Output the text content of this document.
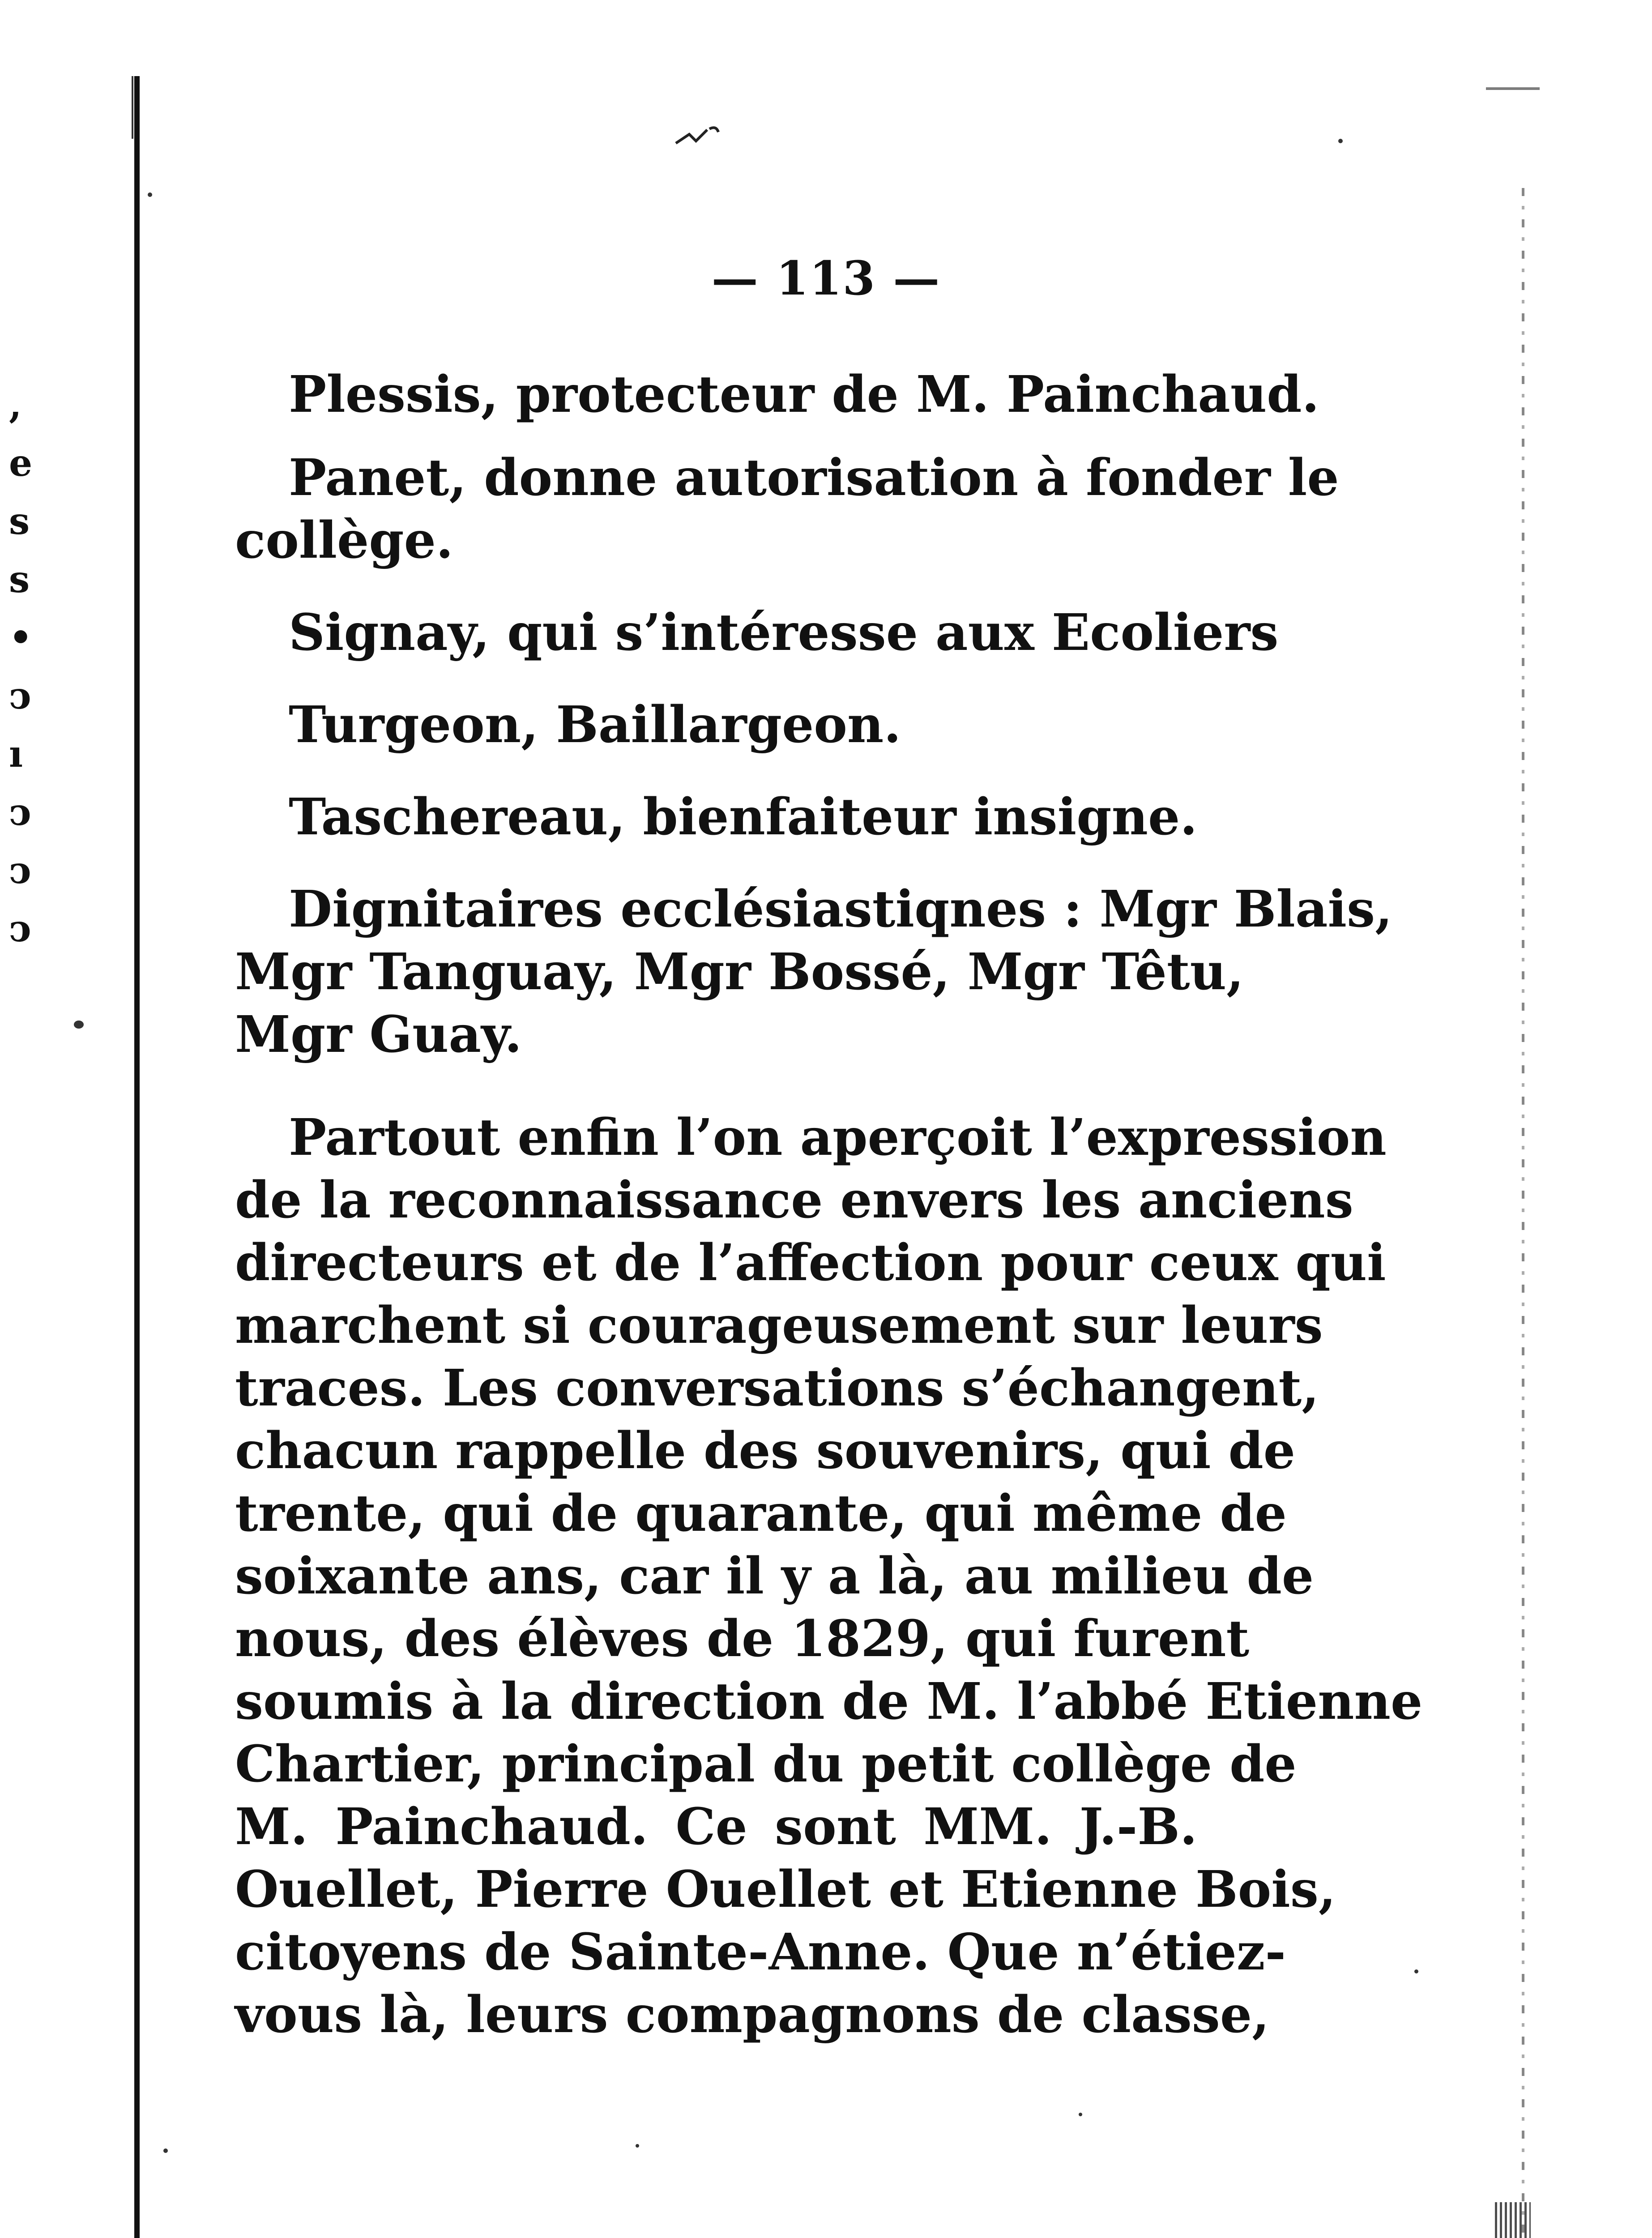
,
e
s
s
•
ͻ
ı
ͻ
ͻ
ͻ
— 113 —
Plessis, protecteur de M. Painchaud.
Panet, donne autorisation à fonder le
collège.
Signay, qui s’intéresse aux Ecoliers
Turgeon, Baillargeon.
Taschereau, bienfaiteur insigne.
Dignitaires ecclésiastiqnes : Mgr Blais,
Mgr Tanguay, Mgr Bossé, Mgr Têtu,
Mgr Guay.
Partout enfin l’on aperçoit l’expression
de la reconnaissance envers les anciens
directeurs et de l’affection pour ceux qui
marchent si courageusement sur leurs
traces. Les conversations s’échangent,
chacun rappelle des souvenirs, qui de
trente, qui de quarante, qui même de
soixante ans, car il y a là, au milieu de
nous, des élèves de 1829, qui furent
soumis à la direction de M. l’abbé Etienne
Chartier, principal du petit collège de
M. Painchaud. Ce sont MM. J.-B.
Ouellet, Pierre Ouellet et Etienne Bois,
citoyens de Sainte-Anne. Que n’étiez-
vous là, leurs compagnons de classe,
